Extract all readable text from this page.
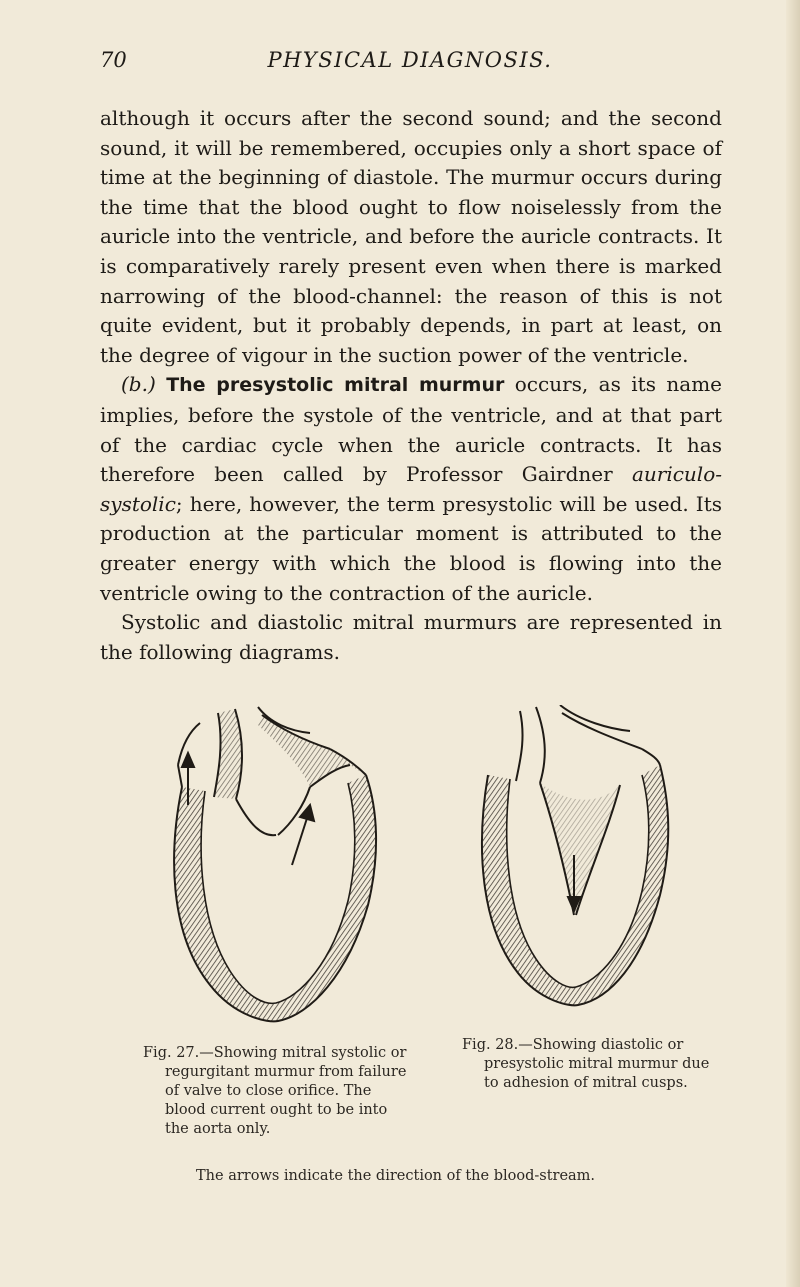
70	PHYSICAL DIAGNOSIS.

although it occurs after the second sound; and the second sound, it will be remembered, occupies only a short space of time at the beginning of diastole. The murmur occurs during the time that the blood ought to flow noiselessly from the auricle into the ventricle, and before the auricle contracts. It is comparatively rarely present even when there is marked narrowing of the blood-channel: the reason of this is not quite evident, but it probably depends, in part at least, on the degree of vigour in the suction power of the ventricle.

(b.) The presystolic mitral murmur occurs, as its name implies, before the systole of the ventricle, and at that part of the cardiac cycle when the auricle contracts. It has therefore been called by Professor Gairdner auriculo-systolic; here, however, the term presystolic will be used. Its production at the particular moment is attributed to the greater energy with which the blood is flowing into the ventricle owing to the contraction of the auricle.

Systolic and diastolic mitral murmurs are represented in the following diagrams.

Fig. 27.—Showing mitral systolic or

regurgitant murmur from failure of valve to close orifice. The blood current ought to be into the aorta only.

Fig. 28.—Showing diastolic or

presystolic mitral murmur due to adhesion of mitral cusps.

The arrows indicate the direction of the blood-stream.
